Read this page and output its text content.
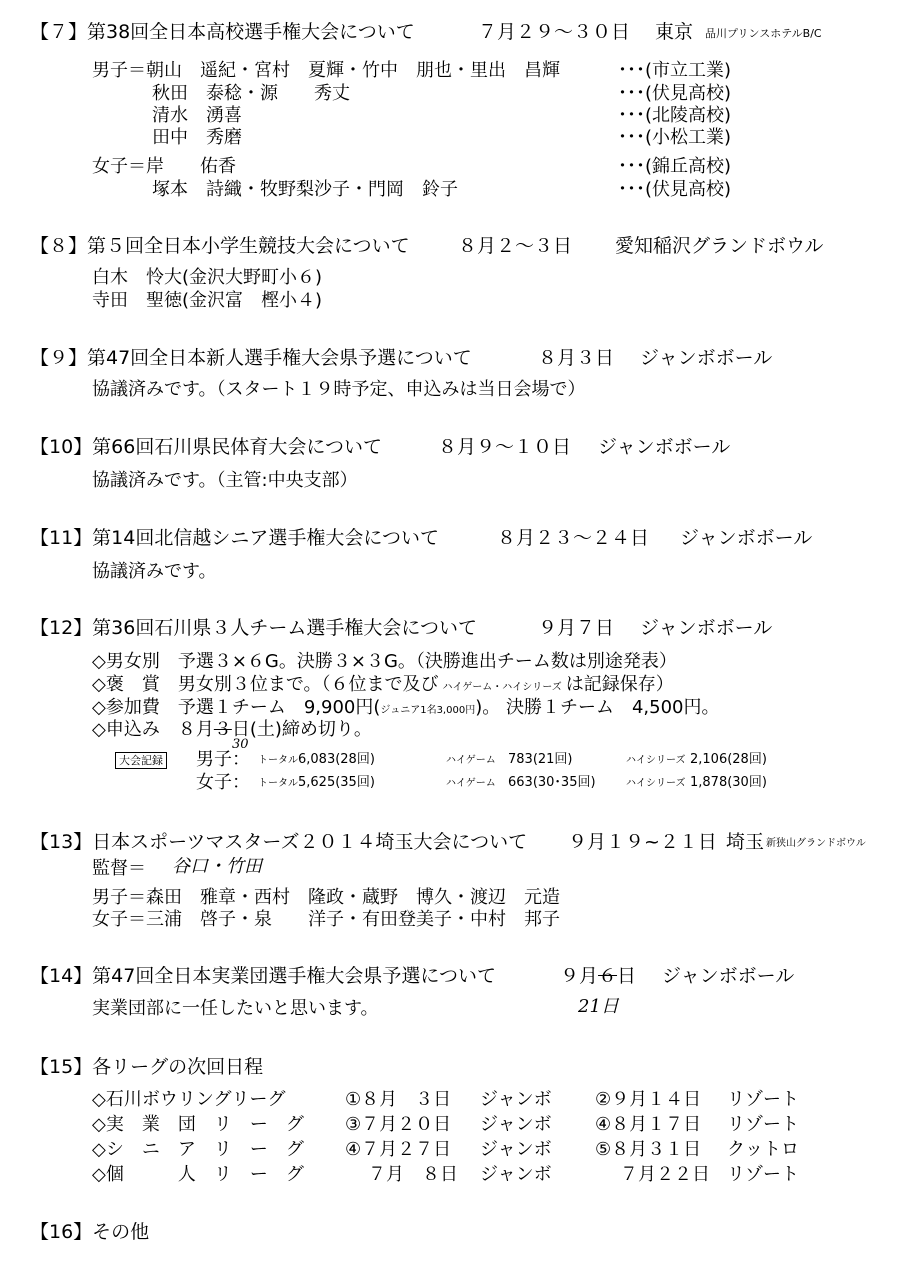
【７】第38回全日本高校選手権大会について	７月２９～３０日 東京 品川プリンスホテルB/C
男子＝朝山　遥紀・宮村　夏輝・竹中　朋也・里出　昌輝	･･･(市立工業)
秋田　泰稔・源　　秀丈	･･･(伏見高校)
清水　湧喜	･･･(北陵高校)
田中　秀磨	･･･(小松工業)
女子＝岸　　佑香	･･･(錦丘高校)
塚本　詩織・牧野梨沙子・門岡　鈴子	･･･(伏見高校)
【８】第５回全日本小学生競技大会について	８月２～３日 愛知稲沢グランドボウル
白木　怜大(金沢大野町小６)
寺田　聖徳(金沢富　樫小４)
【９】第47回全日本新人選手権大会県予選について	８月３日 ジャンボボール
協議済みです。（スタート１９時予定、申込みは当日会場で）
【10】第66回石川県民体育大会について	８月９～１０日 ジャンボボール
協議済みです。（主管:中央支部）
【11】第14回北信越シニア選手権大会について	８月２３～２４日 ジャンボボール
協議済みです。
【12】第36回石川県３人チーム選手権大会について	９月７日 ジャンボボール
◇男女別　予選３×６G。決勝３×３G。（決勝進出チーム数は別途発表）
◇褒　賞　男女別３位まで。（６位まで及び ハイゲーム・ハイシリーズ は記録保存）
◇参加費　予選１チーム　9,900円(ジュニア1名3,000円)。 決勝１チーム　4,500円。
◇申込み　８月３日(土)締め切り。
30
大会記録 男子： トータル 6,083(28回)	ハイゲーム 783(21回)	ハイシリーズ 2,106(28回)
女子： トータル 5,625(35回)	ハイゲーム 663(30･35回)	ハイシリーズ 1,878(30回)
【13】日本スポーツマスターズ２０１４埼玉大会について ９月１９~２１日 埼玉 新狭山グランドボウル
監督＝ 谷口・竹田
男子＝森田　雅章・西村　隆政・蔵野　博久・渡辺　元造
女子＝三浦　啓子・泉　　洋子・有田登美子・中村　邦子
【14】第47回全日本実業団選手権大会県予選について	９月６日 ジャンボボール
実業団部に一任したいと思います。	21日
【15】各リーグの次回日程
◇石川ボウリングリーグ	①８月　３日 ジャンボ ②９月１４日 リゾート
◇実　業　団　リ　ー　グ ③７月２０日 ジャンボ ④８月１７日 リゾート
◇シ　ニ　ア　リ　ー　グ ④７月２７日 ジャンボ ⑤８月３１日 クットロ
◇個　　　人　リ　ー　グ	７月　８日 ジャンボ	７月２２日 リゾート
【16】その他
